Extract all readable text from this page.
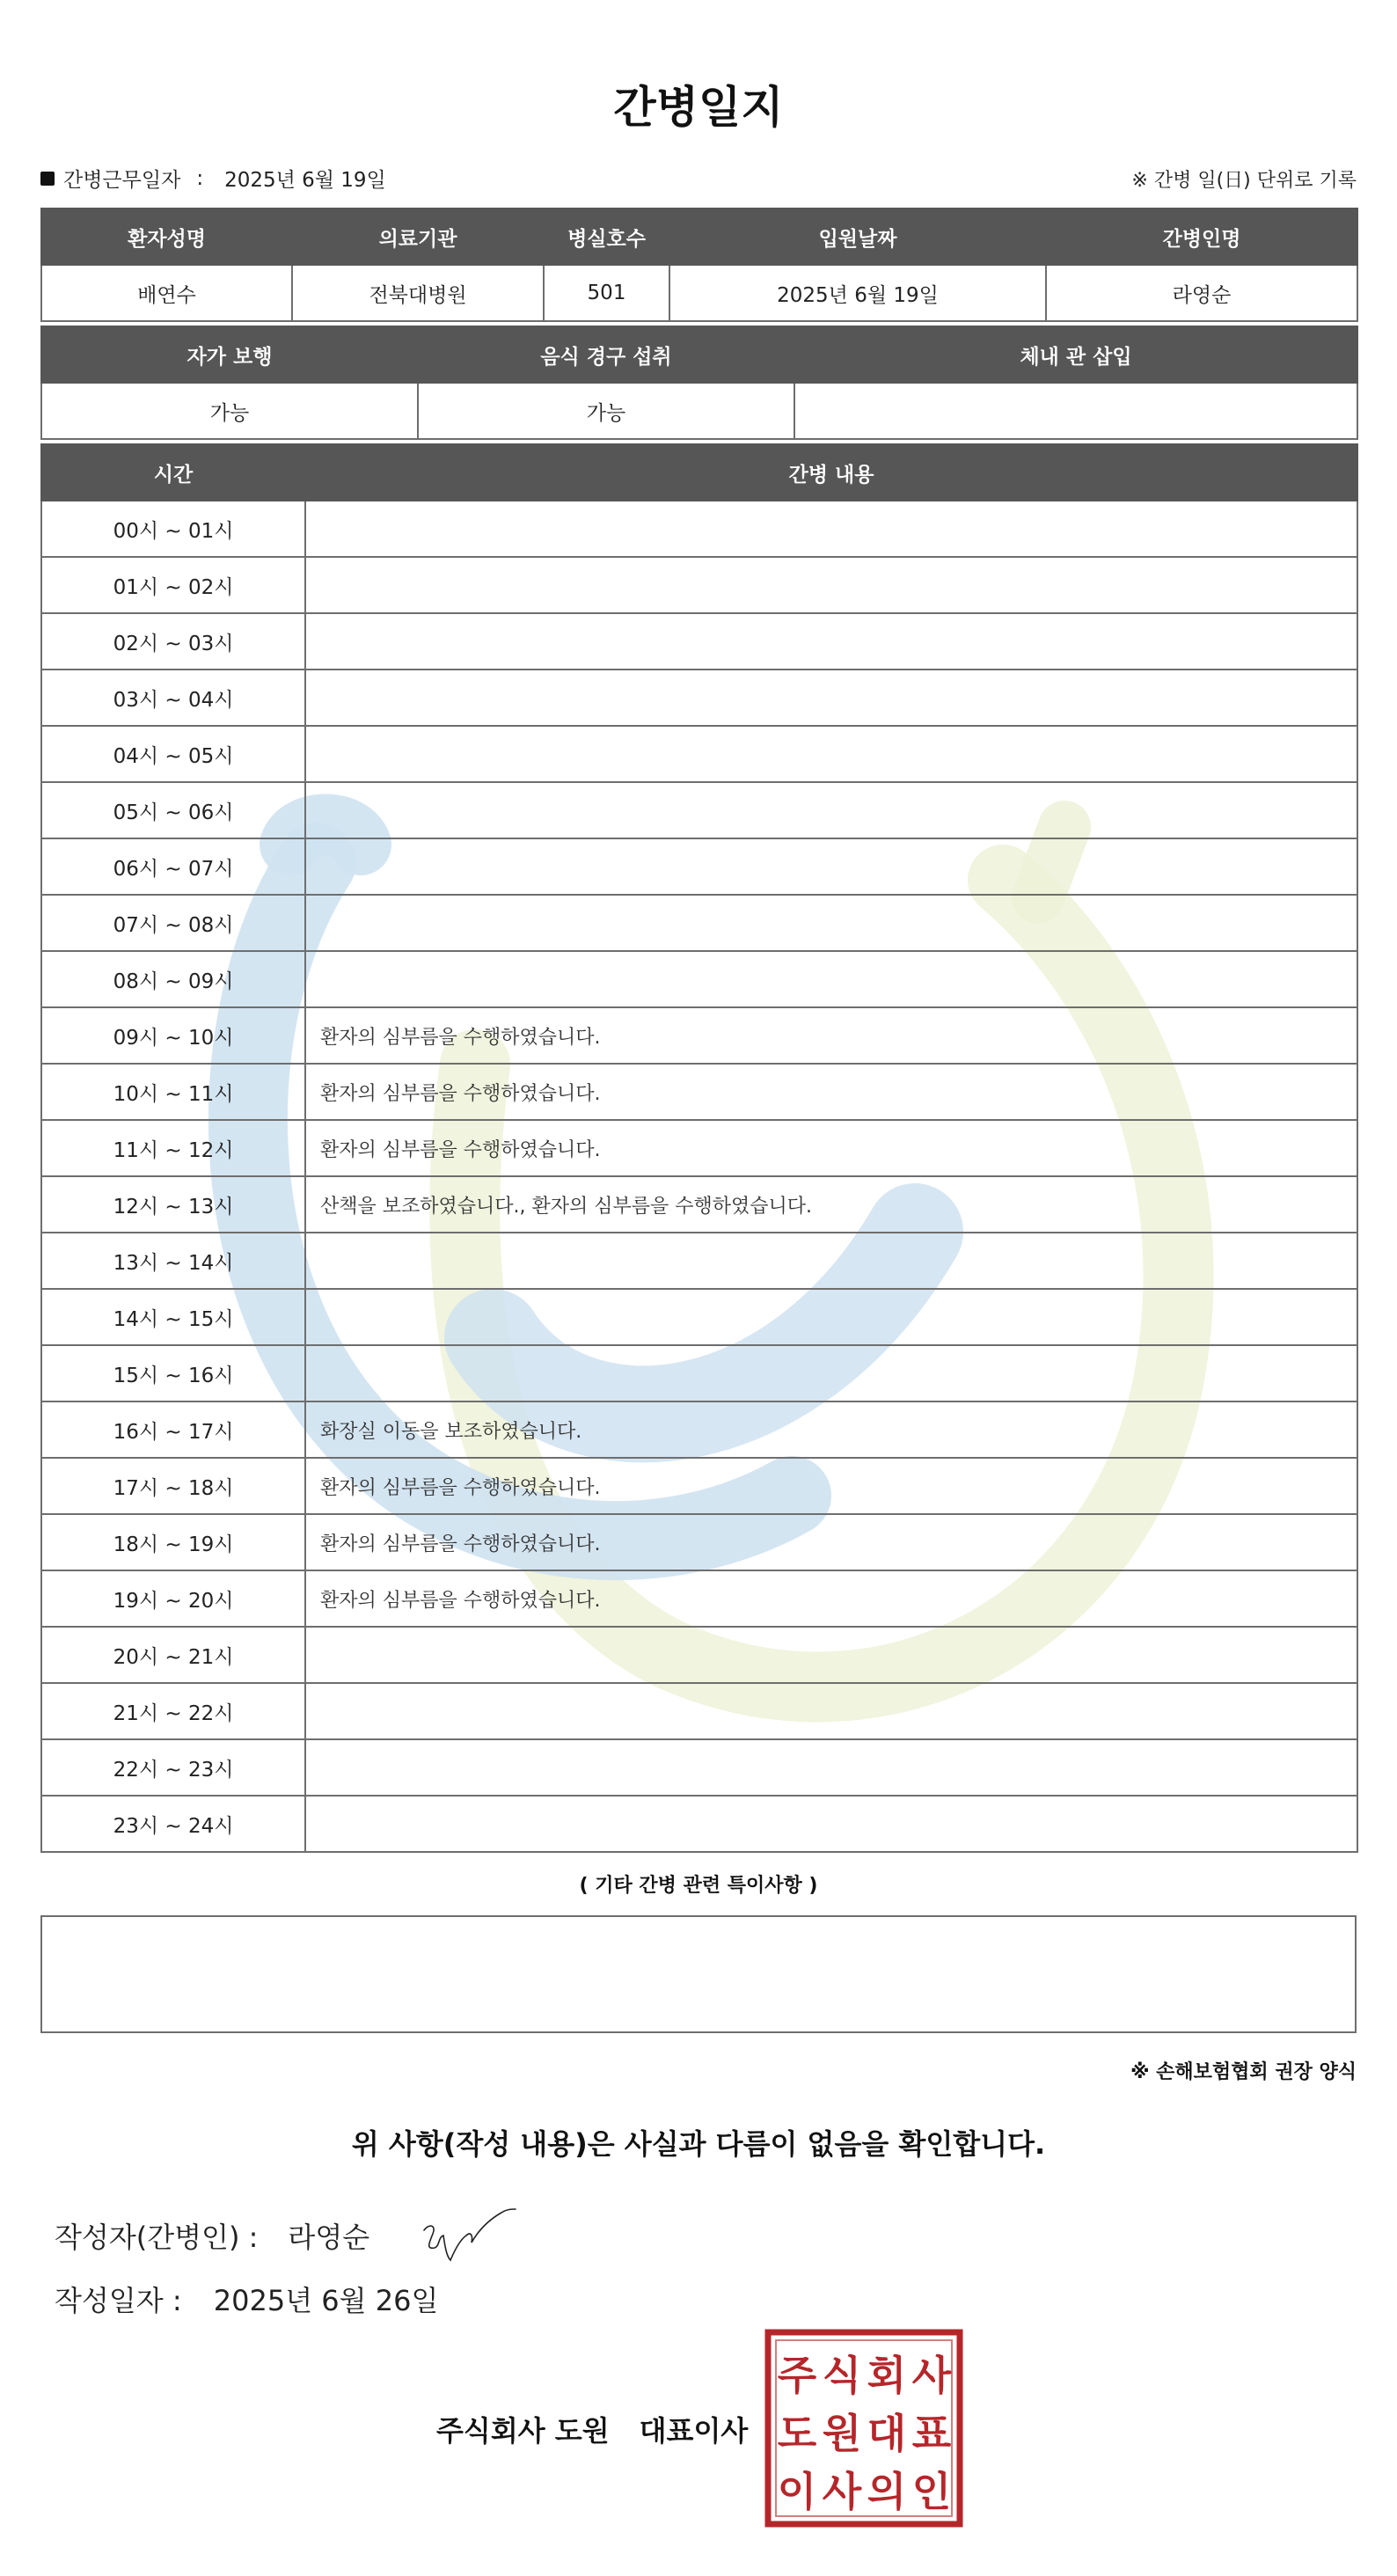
간병일지
간병근무일자 : 2025년 6월 19일	※ 간병 일(日) 단위로 기록
환자성명	의료기관	병실호수	입원날짜	간병인명
배연수	전북대병원	501	2025년 6월 19일	라영순
자가 보행	음식 경구 섭취	체내 관 삽입
가능	가능	
시간	간병 내용
00시 ~ 01시	
01시 ~ 02시	
02시 ~ 03시	
03시 ~ 04시	
04시 ~ 05시	
05시 ~ 06시	
06시 ~ 07시	
07시 ~ 08시	
08시 ~ 09시	
09시 ~ 10시	환자의 심부름을 수행하였습니다.
10시 ~ 11시	환자의 심부름을 수행하였습니다.
11시 ~ 12시	환자의 심부름을 수행하였습니다.
12시 ~ 13시	산책을 보조하였습니다., 환자의 심부름을 수행하였습니다.
13시 ~ 14시	
14시 ~ 15시	
15시 ~ 16시	
16시 ~ 17시	화장실 이동을 보조하였습니다.
17시 ~ 18시	환자의 심부름을 수행하였습니다.
18시 ~ 19시	환자의 심부름을 수행하였습니다.
19시 ~ 20시	환자의 심부름을 수행하였습니다.
20시 ~ 21시	
21시 ~ 22시	
22시 ~ 23시	
23시 ~ 24시	
( 기타 간병 관련 특이사항 )
※ 손해보험협회 권장 양식
위 사항(작성 내용)은 사실과 다름이 없음을 확인합니다.
작성자(간병인) : 라영순
작성일자 : 2025년 6월 26일
주식회사 도원 대표이사
주 식 회 사
도 원 대 표
이 사 의 인
